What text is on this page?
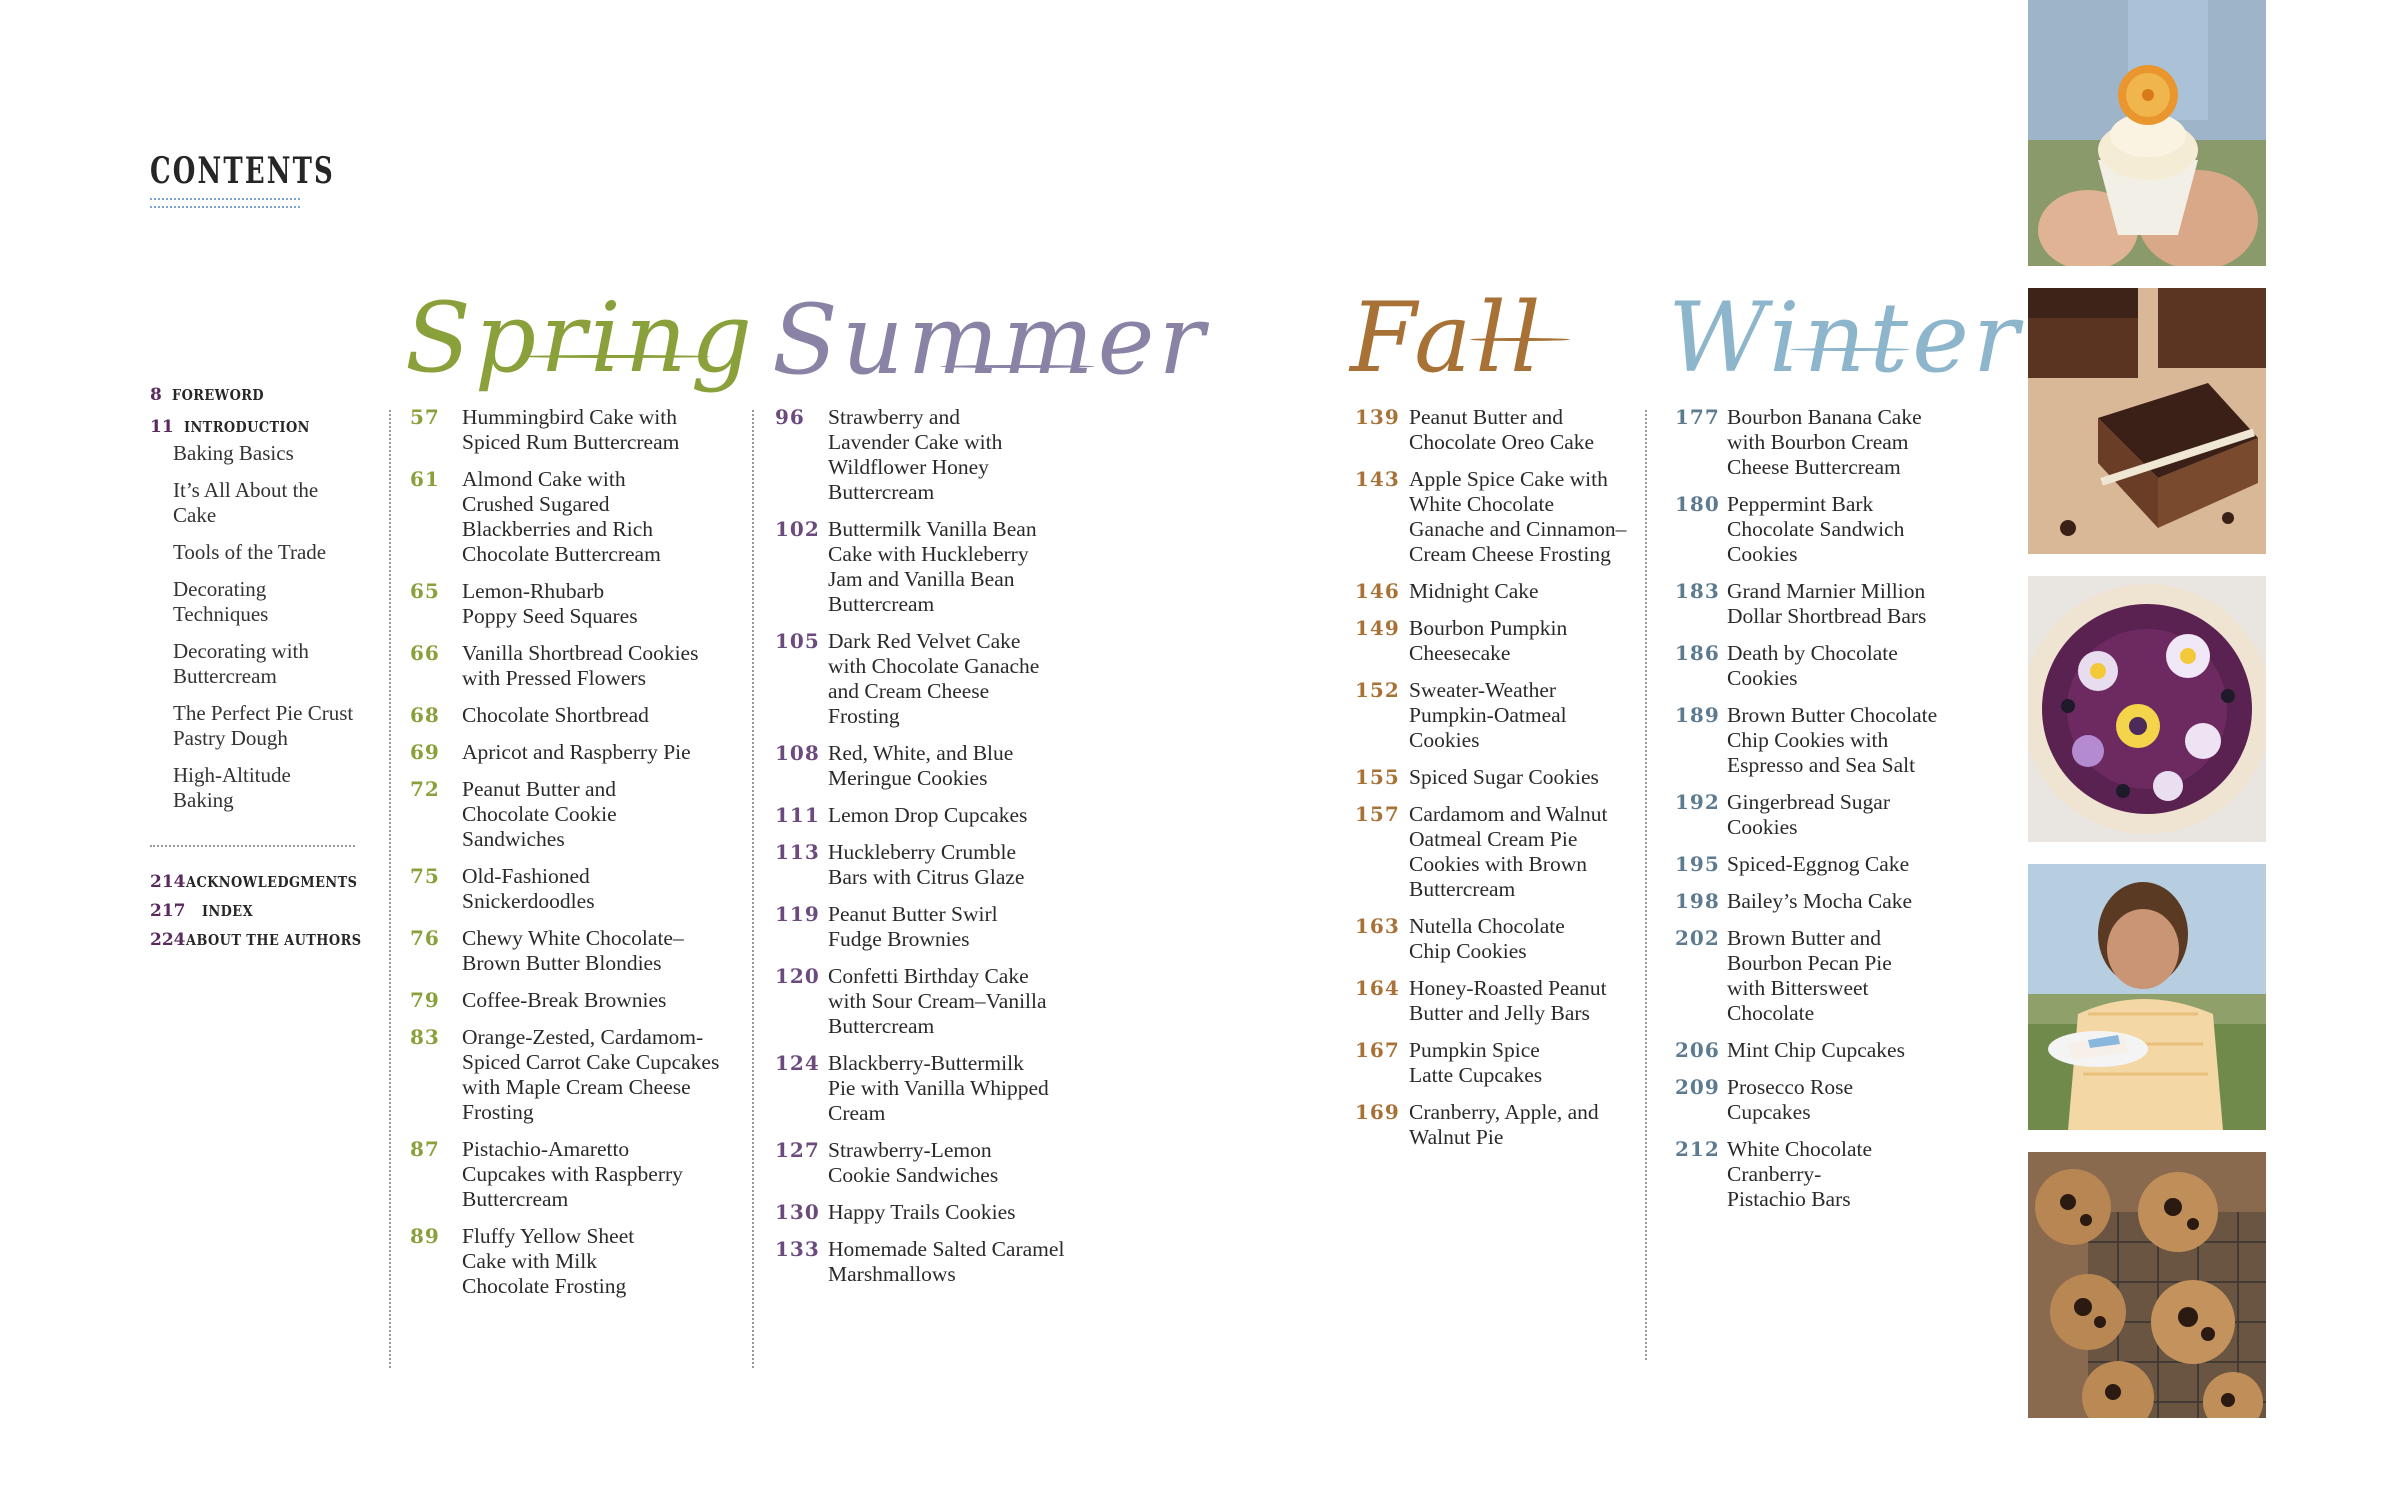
CONTENTS
8 FOREWORD
11 INTRODUCTION
Baking Basics
It’s All About the Cake
Tools of the Trade
Decorating Techniques
Decorating with Buttercream
The Perfect Pie Crust Pastry Dough
High-Altitude Baking
214 ACKNOWLEDGMENTS
217	INDEX
224 ABOUT THE AUTHORS
Spring Summer Fall Winter
57	Hummingbird Cake with Spiced Rum Buttercream
61	Almond Cake with Crushed Sugared Blackberries and Rich Chocolate Buttercream
65	Lemon-Rhubarb Poppy Seed Squares
66	Vanilla Shortbread Cookies with Pressed Flowers
68	Chocolate Shortbread
69	Apricot and Raspberry Pie
72	Peanut Butter and Chocolate Cookie Sandwiches
75	Old-Fashioned Snickerdoodles
76	Chewy White Chocolate–Brown Butter Blondies
79	Coffee-Break Brownies
83	Orange-Zested, Cardamom-Spiced Carrot Cake Cupcakes with Maple Cream Cheese Frosting
87	Pistachio-Amaretto Cupcakes with Raspberry Buttercream
89	Fluffy Yellow Sheet Cake with Milk Chocolate Frosting
96	Strawberry and Lavender Cake with Wildflower Honey Buttercream
102 Buttermilk Vanilla Bean Cake with Huckleberry Jam and Vanilla Bean Buttercream
105 Dark Red Velvet Cake with Chocolate Ganache and Cream Cheese Frosting
108 Red, White, and Blue Meringue Cookies
111 Lemon Drop Cupcakes
113 Huckleberry Crumble Bars with Citrus Glaze
119 Peanut Butter Swirl Fudge Brownies
120 Confetti Birthday Cake with Sour Cream–Vanilla Buttercream
124 Blackberry-Buttermilk Pie with Vanilla Whipped Cream
127 Strawberry-Lemon Cookie Sandwiches
130 Happy Trails Cookies
133 Homemade Salted Caramel Marshmallows
139 Peanut Butter and Chocolate Oreo Cake
143 Apple Spice Cake with White Chocolate Ganache and Cinnamon–Cream Cheese Frosting
146 Midnight Cake
149 Bourbon Pumpkin Cheesecake
152 Sweater-Weather Pumpkin-Oatmeal Cookies
155 Spiced Sugar Cookies
157 Cardamom and Walnut Oatmeal Cream Pie Cookies with Brown Buttercream
163 Nutella Chocolate Chip Cookies
164 Honey-Roasted Peanut Butter and Jelly Bars
167 Pumpkin Spice Latte Cupcakes
169 Cranberry, Apple, and Walnut Pie
177 Bourbon Banana Cake with Bourbon Cream Cheese Buttercream
180 Peppermint Bark Chocolate Sandwich Cookies
183 Grand Marnier Million Dollar Shortbread Bars
186 Death by Chocolate Cookies
189 Brown Butter Chocolate Chip Cookies with Espresso and Sea Salt
192 Gingerbread Sugar Cookies
195 Spiced-Eggnog Cake
198 Bailey’s Mocha Cake
202 Brown Butter and Bourbon Pecan Pie with Bittersweet Chocolate
206 Mint Chip Cupcakes
209 Prosecco Rose Cupcakes
212 White Chocolate Cranberry-Pistachio Bars
